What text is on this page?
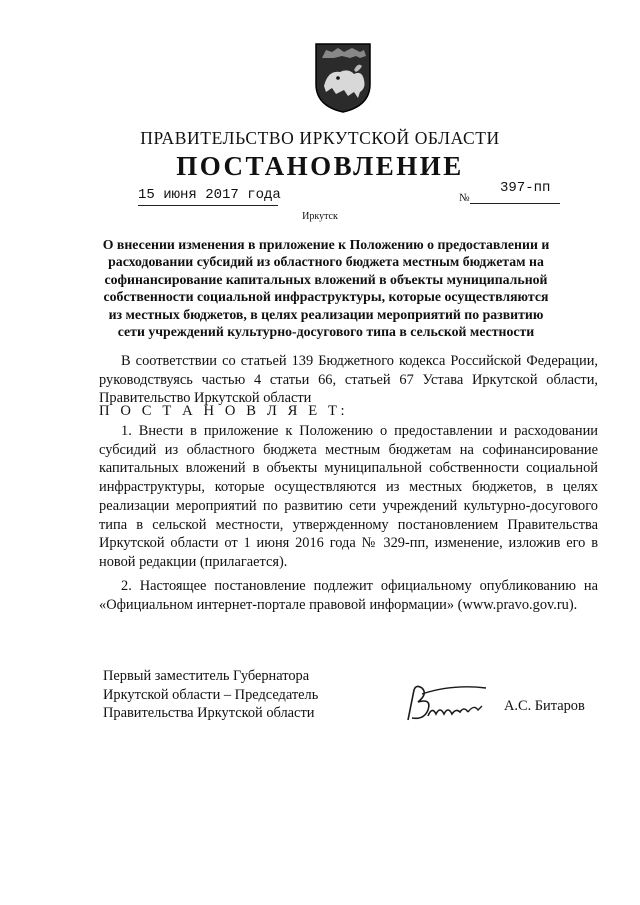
ПРАВИТЕЛЬСТВО ИРКУТСКОЙ ОБЛАСТИ
ПОСТАНОВЛЕНИЕ
15 июня 2017 года	№
397-пп
Иркутск
О внесении изменения в приложение к Положению о предоставлении и расходовании субсидий из областного бюджета местным бюджетам на софинансирование капитальных вложений в объекты муниципальной собственности социальной инфраструктуры, которые осуществляются из местных бюджетов, в целях реализации мероприятий по развитию сети учреждений культурно-досугового типа в сельской местности
В соответствии со статьей 139 Бюджетного кодекса Российской Федерации, руководствуясь частью 4 статьи 66, статьей 67 Устава Иркутской области, Правительство Иркутской области
П О С Т А Н О В Л Я Е Т:
1. Внести в приложение к Положению о предоставлении и расходовании субсидий из областного бюджета местным бюджетам на софинансирование капитальных вложений в объекты муниципальной собственности социальной инфраструктуры, которые осуществляются из местных бюджетов, в целях реализации мероприятий по развитию сети учреждений культурно-досугового типа в сельской местности, утвержденному постановлением Правительства Иркутской области от 1 июня 2016 года № 329-пп, изменение, изложив его в новой редакции (прилагается).
2. Настоящее постановление подлежит официальному опубликованию на «Официальном интернет-портале правовой информации» (www.pravo.gov.ru).
Первый заместитель Губернатора
Иркутской области – Председатель
Правительства Иркутской области	А.С. Битаров
